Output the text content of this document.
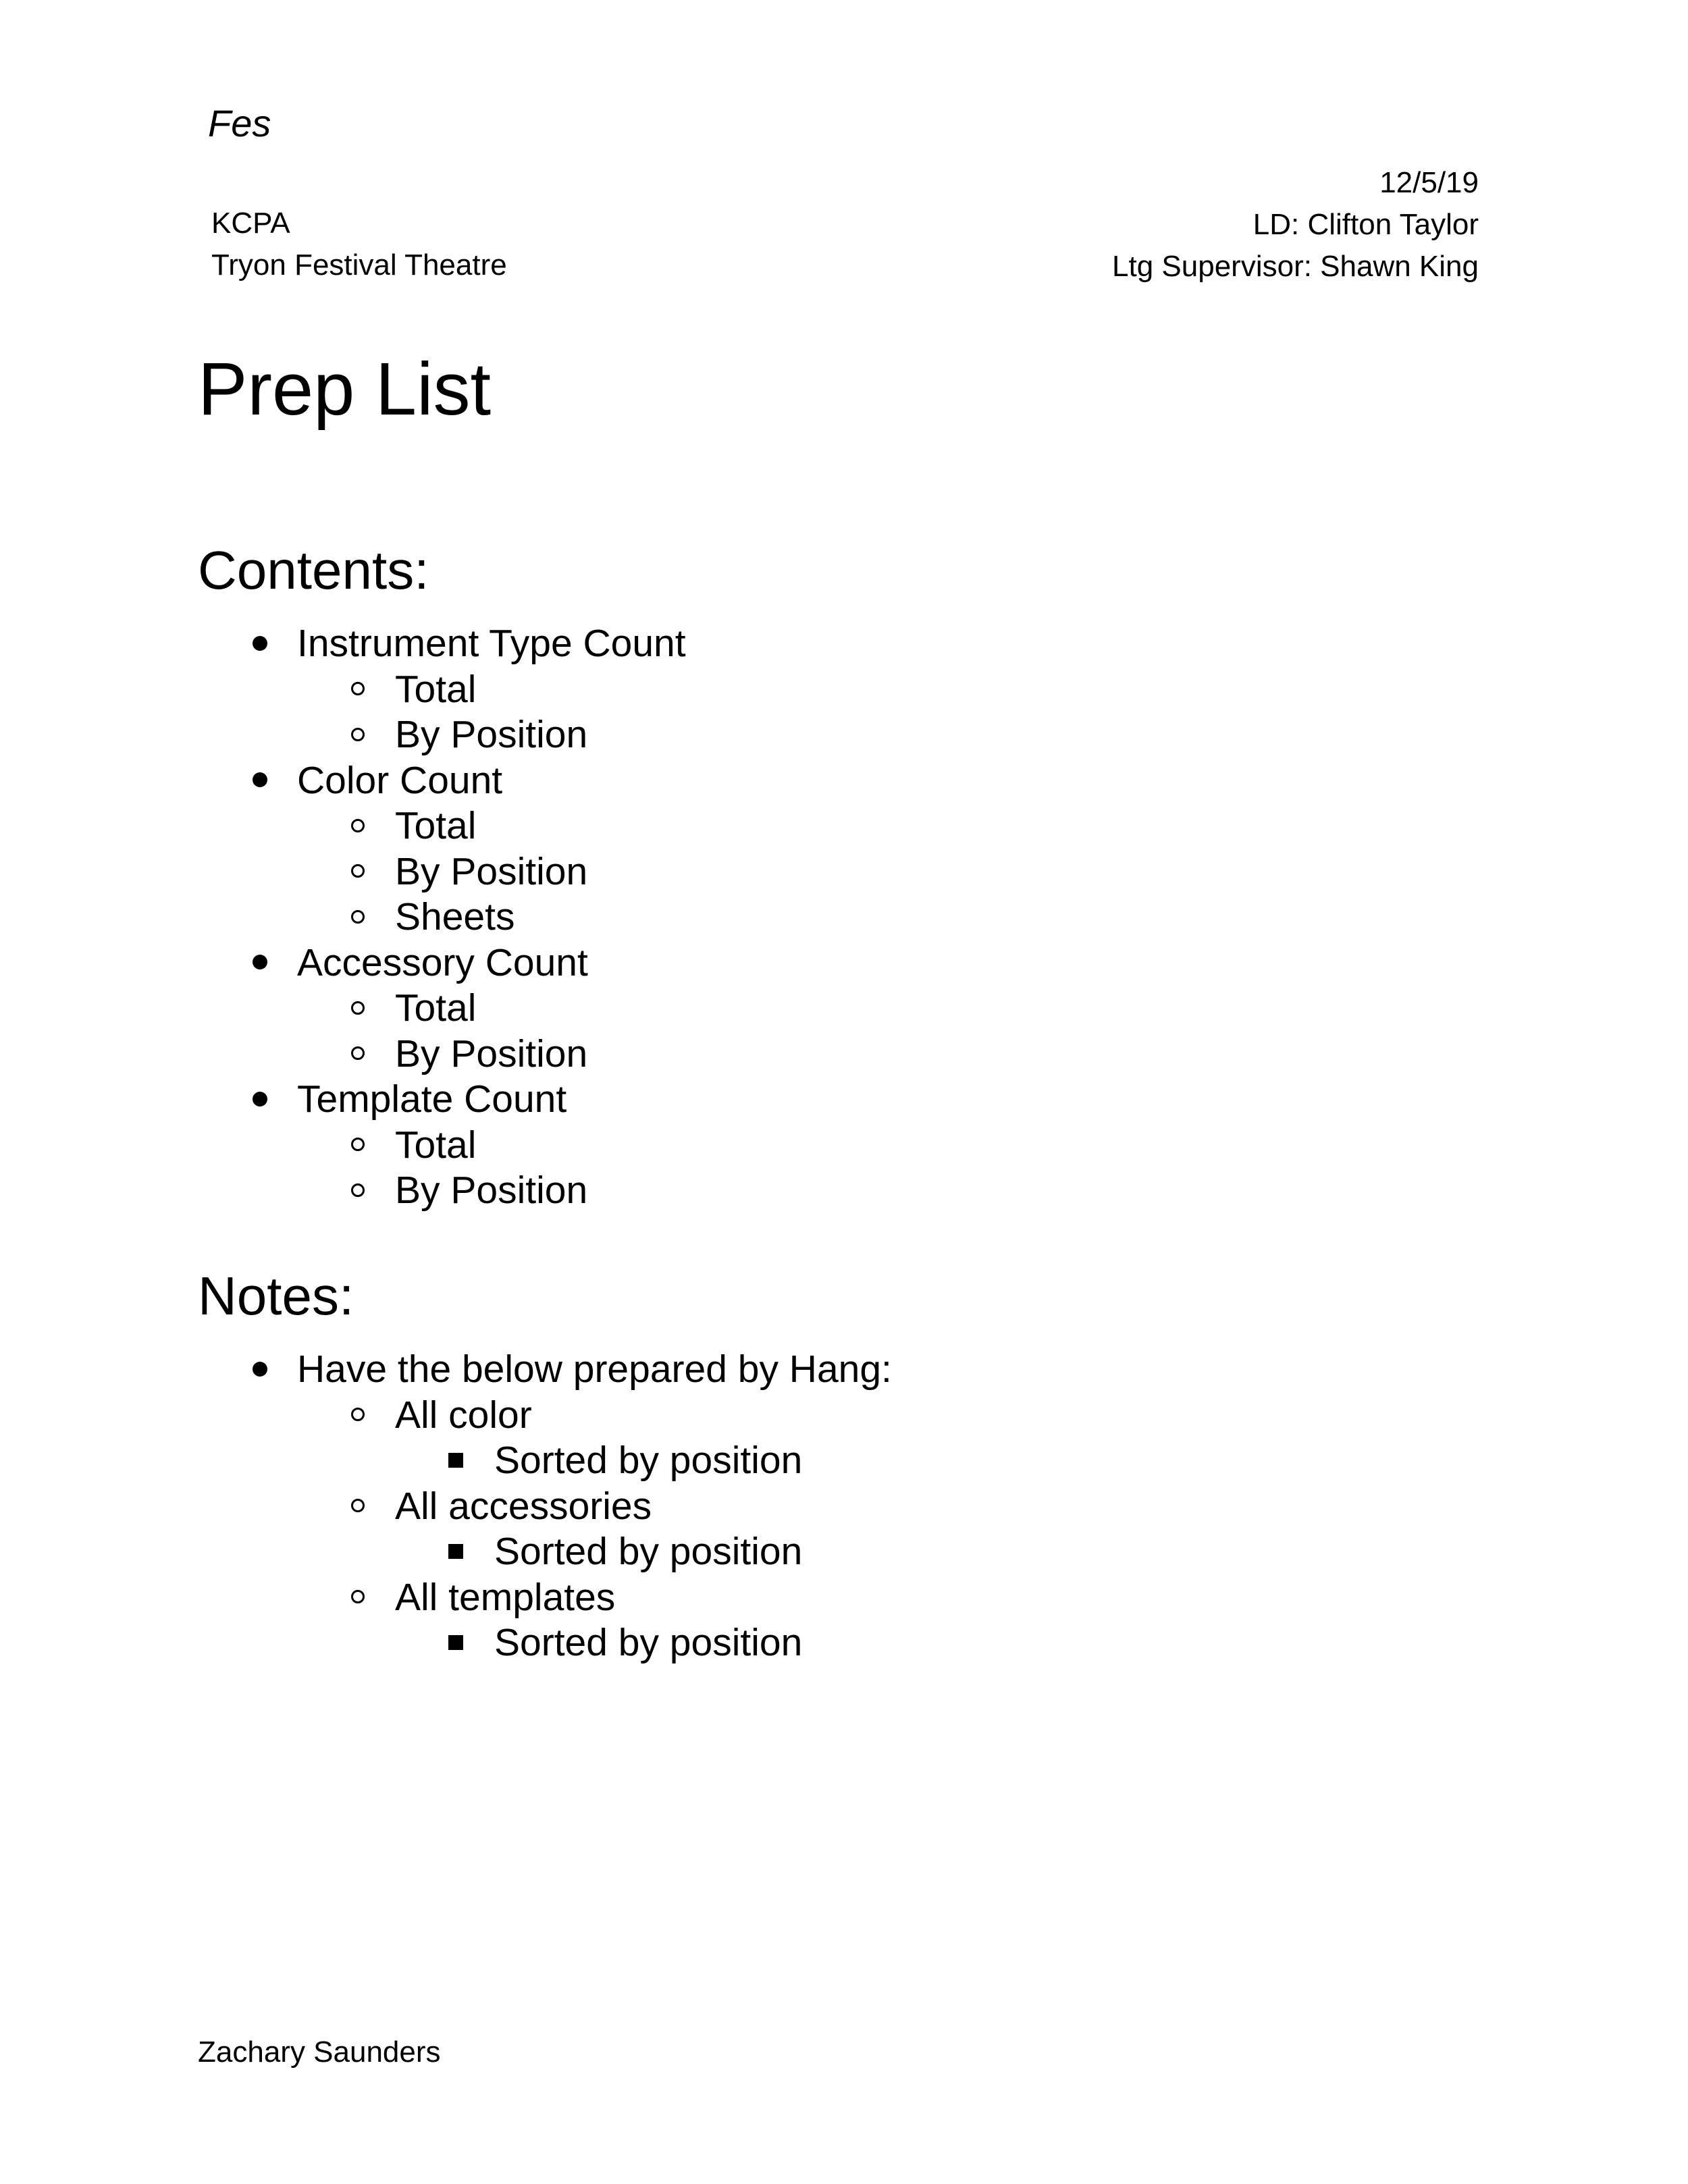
Fes
KCPA
Tryon Festival Theatre
12/5/19
LD: Clifton Taylor
Ltg Supervisor: Shawn King
Prep List
Contents:
Instrument Type Count
Total
By Position
Color Count
Total
By Position
Sheets
Accessory Count
Total
By Position
Template Count
Total
By Position
Notes:
Have the below prepared by Hang:
All color
Sorted by position
All accessories
Sorted by position
All templates
Sorted by position
Zachary Saunders
